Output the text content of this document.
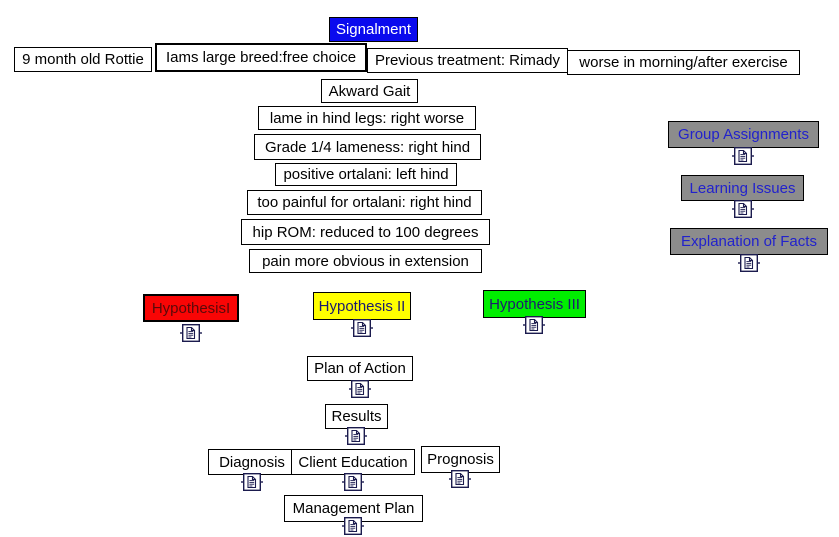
Signalment
9 month old Rottie Iams large breed:free choice Previous treatment: Rimady worse in morning/after exercise
Akward Gait
lame in hind legs: right worse
Grade 1/4 lameness: right hind
positive ortalani: left hind
too painful for ortalani: right hind
hip ROM: reduced to 100 degrees
pain more obvious in extension
Group Assignments
Learning Issues
Explanation of Facts
HypothesisI	Hypothesis II	Hypothesis III
Plan of Action
Results
Diagnosis Client Education Prognosis
Management Plan
